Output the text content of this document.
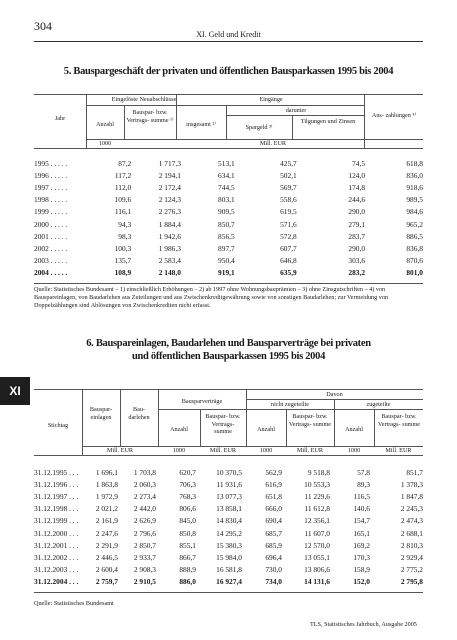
304
XI. Geld und Kredit
5. Bauspargeschäft der privaten und öffentlichen Bausparkassen 1995 bis 2004
Jahr
Eingelöste Neuabschlüsse
Anzahl
Bauspar- bzw. Vertrags- summe ¹⁾
Eingänge
insgesamt ²⁾
darunter
Spargeld ³⁾
Tilgungen und Zinsen
Aus- zahlungen ⁴⁾
1000	Mill. EUR
1995 . . . . .	87,2	1 717,3	513,1	425,7	74,5	618,8
1996 . . . . .	117,2	2 194,1	634,1	502,1	124,0	836,0
1997 . . . . .	112,0	2 172,4	744,5	569,7	174,8	918,6
1998 . . . . .	109,6	2 124,3	803,1	558,6	244,6	989,5
1999 . . . . .	116,1	2 276,3	909,5	619,5	290,0	984,6
2000 . . . . .	94,3	1 884,4	850,7	571,6	279,1	965,2
2001 . . . . .	98,3	1 942,6	856,5	572,8	283,7	886,5
2002 . . . . .	100,3	1 986,3	897,7	607,7	290,0	836,8
2003 . . . . .	135,7	2 583,4	950,4	646,8	303,6	870,6
2004 . . . . .	108,9	2 148,0	919,1	635,9	283,2	801,0
Quelle: Statistisches Bundesamt – 1) einschließlich Erhöhungen – 2) ab 1997 ohne Wohnungsbauprämien – 3) ohne Zinsgutschriften – 4) von Bauspareinlagen, von Baudarlehen aus Zuteilungen und aus Zwischenkreditgewährung sowie von sonstigen Baudarlehen; zur Vermeidung von Doppelzählungen sind Ablösungen von Zwischenkrediten nicht erfasst.
XI
6. Bauspareinlagen, Baudarlehen und Bausparverträge bei privaten
und öffentlichen Bausparkassen 1995 bis 2004
Stichtag
Bauspar- einlagen
Bau- darlehen
Bausparverträge
Anzahl
Bauspar- bzw. Vertrags- summe
Davon
nicht zugeteilte	zugeteilte
Anzahl
Bauspar- bzw. Vertrags- summe
Anzahl
Bauspar- bzw. Vertrags- summe
Mill. EUR	1000	Mill. EUR	1000	Mill. EUR	1000	Mill. EUR
31.12.1995 . . .	1 696,1	1 703,8	620,7	10 370,5	562,9	9 518,8	57,8	851,7
31.12.1996 . . .	1 863,8	2 060,3	706,3	11 931,6	616,9	10 553,3	89,3	1 378,3
31.12.1997 . . .	1 972,9	2 273,4	768,3	13 077,3	651,8	11 229,6	116,5	1 847,8
31.12.1998 . . .	2 021,2	2 442,0	806,6	13 858,1	666,0	11 612,8	140,6	2 245,3
31.12.1999 . . .	2 161,9	2 626,9	845,0	14 830,4	690,4	12 356,1	154,7	2 474,3
31.12.2000 . . .	2 247,6	2 796,6	850,8	14 295,2	685,7	11 607,0	165,1	2 688,1
31.12.2001 . . .	2 291,9	2 850,7	855,1	15 380,3	685,9	12 570,0	169,2	2 810,3
31.12.2002 . . .	2 446,5	2 933,7	866,7	15 984,0	696,4	13 055,1	170,3	2 929,4
31.12.2003 . . .	2 600,4	2 908,3	888,9	16 581,8	730,0	13 806,6	158,9	2 775,2
31.12.2004 . . .	2 759,7	2 910,5	886,0	16 927,4	734,0	14 131,6	152,0	2 795,8
Quelle: Statistisches Bundesamt
TLS, Statistisches Jahrbuch, Ausgabe 2005
